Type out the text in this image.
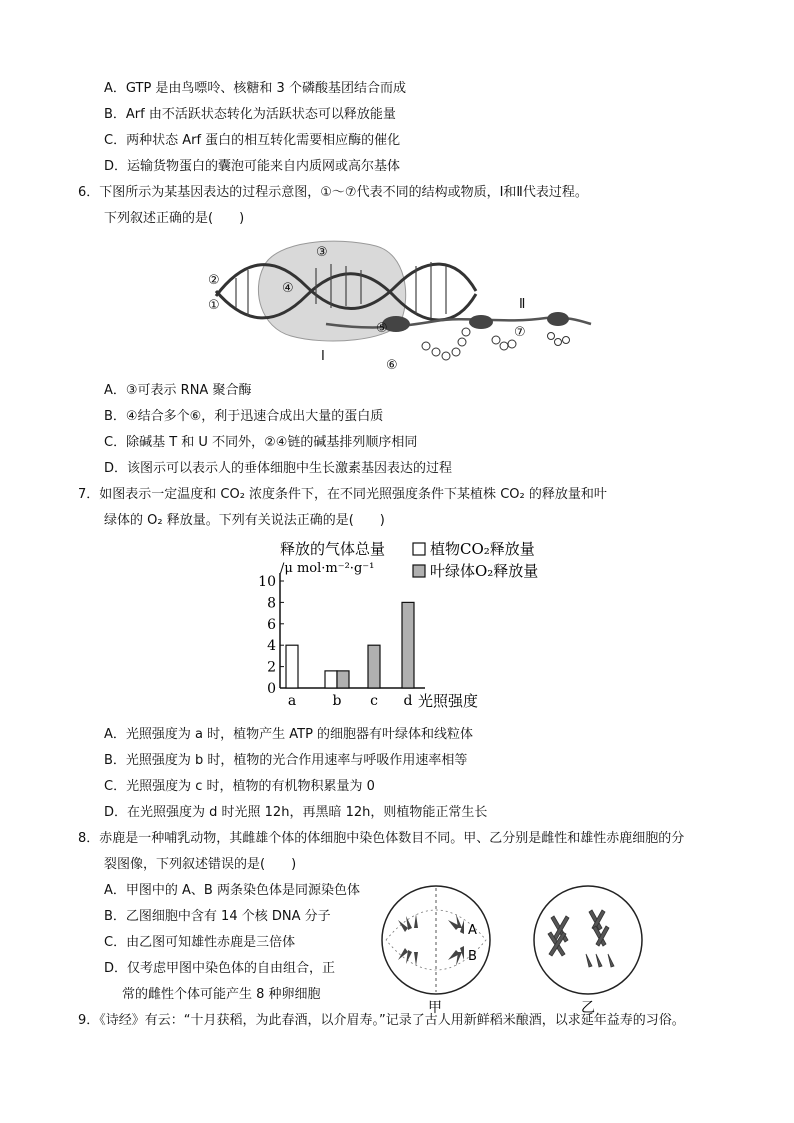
A．GTP 是由鸟嘌呤、核糖和 3 个磷酸基团结合而成
B．Arf 由不活跃状态转化为活跃状态可以释放能量
C．两种状态 Arf 蛋白的相互转化需要相应酶的催化
D．运输货物蛋白的囊泡可能来自内质网或高尔基体
6．下图所示为某基因表达的过程示意图，①～⑦代表不同的结构或物质，Ⅰ和Ⅱ代表过程。
下列叙述正确的是(　　)
③
②
①
④
⑤
⑥
⑦
Ⅰ
Ⅱ
A．③可表示 RNA 聚合酶
B．④结合多个⑥，利于迅速合成出大量的蛋白质
C．除碱基 T 和 U 不同外，②④链的碱基排列顺序相同
D．该图示可以表示人的垂体细胞中生长激素基因表达的过程
7．如图表示一定温度和 CO₂ 浓度条件下，在不同光照强度条件下某植株 CO₂ 的释放量和叶
绿体的 O₂ 释放量。下列有关说法正确的是(　　)
释放的气体总量
/μ mol·m⁻²·g⁻¹
0
2
4
6
8
10
a	b c d 光照强度
植物CO₂释放量
叶绿体O₂释放量
A．光照强度为 a 时，植物产生 ATP 的细胞器有叶绿体和线粒体
B．光照强度为 b 时，植物的光合作用速率与呼吸作用速率相等
C．光照强度为 c 时，植物的有机物积累量为 0
D．在光照强度为 d 时光照 12h，再黑暗 12h，则植物能正常生长
8．赤鹿是一种哺乳动物，其雌雄个体的体细胞中染色体数目不同。甲、乙分别是雌性和雄性赤鹿细胞的分
裂图像，下列叙述错误的是(　　)
A．甲图中的 A、B 两条染色体是同源染色体
B．乙图细胞中含有 14 个核 DNA 分子
C．由乙图可知雄性赤鹿是三倍体
D．仅考虑甲图中染色体的自由组合，正
常的雌性个体可能产生 8 种卵细胞
A
B
甲	乙
9．《诗经》有云：“十月获稻，为此春酒，以介眉寿。”记录了古人用新鲜稻米酿酒，以求延年益寿的习俗。
